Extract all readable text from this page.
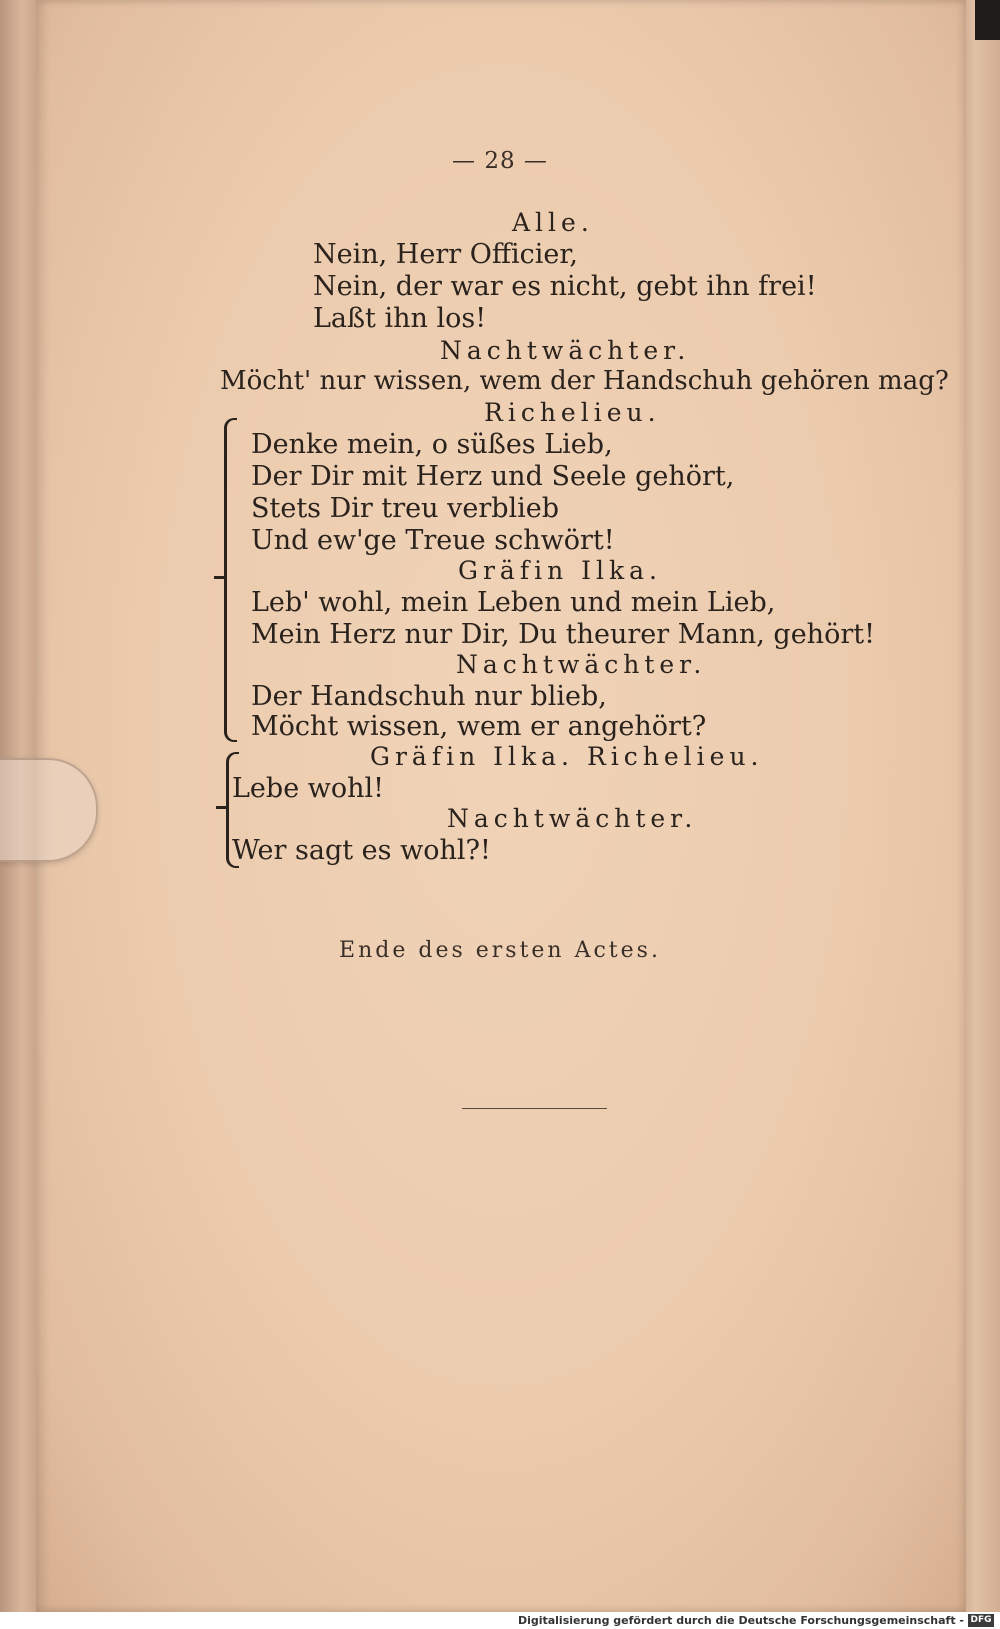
— 28 —
Alle.
Nein, Herr Officier,
Nein, der war es nicht, gebt ihn frei!
Laßt ihn los!
Nachtwächter.
Möcht' nur wissen, wem der Handschuh gehören mag?
Richelieu.
Denke mein, o süßes Lieb,
Der Dir mit Herz und Seele gehört,
Stets Dir treu verblieb
Und ew'ge Treue schwört!
Gräfin Ilka.
Leb' wohl, mein Leben und mein Lieb,
Mein Herz nur Dir, Du theurer Mann, gehört!
Nachtwächter.
Der Handschuh nur blieb,
Möcht wissen, wem er angehört?
Gräfin Ilka. Richelieu.
Lebe wohl!
Nachtwächter.
Wer sagt es wohl?!
Ende des ersten Actes.
Digitalisierung gefördert durch die Deutsche Forschungsgemeinschaft - DFG
